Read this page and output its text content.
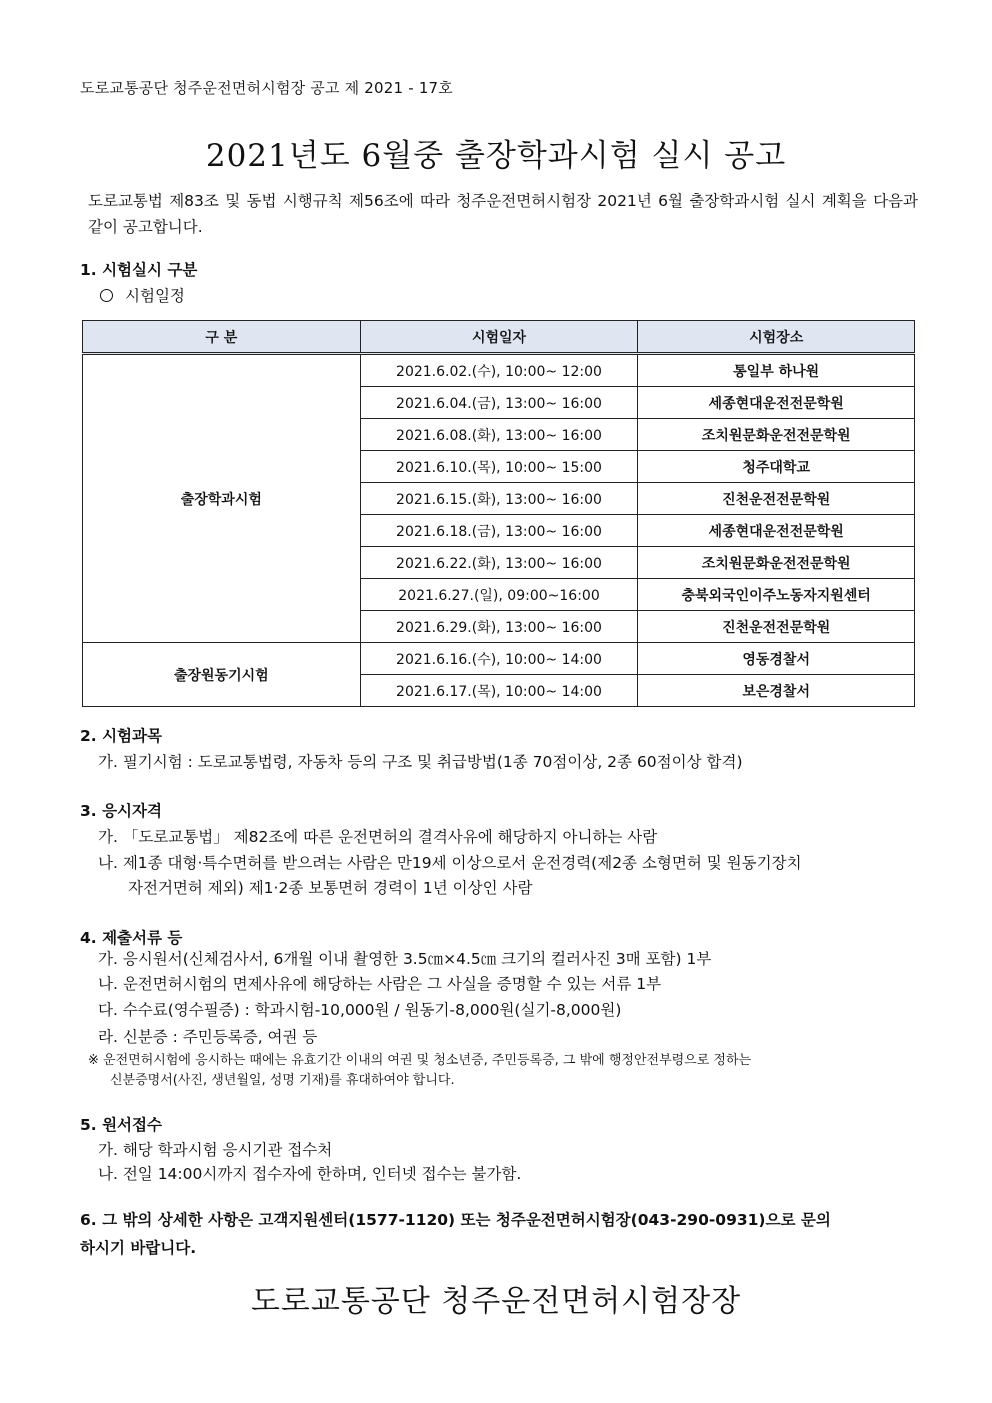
도로교통공단 청주운전면허시험장 공고 제 2021 - 17호
2021년도 6월중 출장학과시험 실시 공고
도로교통법 제83조 및 동법 시행규칙 제56조에 따라 청주운전면허시험장 2021년 6월 출장학과시험 실시 계획을 다음과 같이 공고합니다.
1. 시험실시 구분
시험일정
구 분	시험일자	시험장소
출장학과시험	2021.6.02.(수), 10:00~ 12:00	통일부 하나원
	2021.6.04.(금), 13:00~ 16:00	세종현대운전전문학원
	2021.6.08.(화), 13:00~ 16:00	조치원문화운전전문학원
	2021.6.10.(목), 10:00~ 15:00	청주대학교
	2021.6.15.(화), 13:00~ 16:00	진천운전전문학원
	2021.6.18.(금), 13:00~ 16:00	세종현대운전전문학원
	2021.6.22.(화), 13:00~ 16:00	조치원문화운전전문학원
	2021.6.27.(일), 09:00~16:00	충북외국인이주노동자지원센터
	2021.6.29.(화), 13:00~ 16:00	진천운전전문학원
출장원동기시험	2021.6.16.(수), 10:00~ 14:00	영동경찰서
	2021.6.17.(목), 10:00~ 14:00	보은경찰서
2. 시험과목
가. 필기시험 : 도로교통법령, 자동차 등의 구조 및 취급방법(1종 70점이상, 2종 60점이상 합격)
3. 응시자격
가. 「도로교통법」 제82조에 따른 운전면허의 결격사유에 해당하지 아니하는 사람
나. 제1종 대형·특수면허를 받으려는 사람은 만19세 이상으로서 운전경력(제2종 소형면허 및 원동기장치
자전거면허 제외) 제1·2종 보통면허 경력이 1년 이상인 사람
4. 제출서류 등
가. 응시원서(신체검사서, 6개월 이내 촬영한 3.5㎝×4.5㎝ 크기의 컬러사진 3매 포함) 1부
나. 운전면허시험의 면제사유에 해당하는 사람은 그 사실을 증명할 수 있는 서류 1부
다. 수수료(영수필증) : 학과시험-10,000원 / 원동기-8,000원(실기-8,000원)
라. 신분증 : 주민등록증, 여권 등
※ 운전면허시험에 응시하는 때에는 유효기간 이내의 여권 및 청소년증, 주민등록증, 그 밖에 행정안전부령으로 정하는
신분증명서(사진, 생년월일, 성명 기재)를 휴대하여야 합니다.
5. 원서접수
가. 해당 학과시험 응시기관 접수처
나. 전일 14:00시까지 접수자에 한하며, 인터넷 접수는 불가함.
6. 그 밖의 상세한 사항은 고객지원센터(1577-1120) 또는 청주운전면허시험장(043-290-0931)으로 문의
하시기 바랍니다.
도로교통공단 청주운전면허시험장장
